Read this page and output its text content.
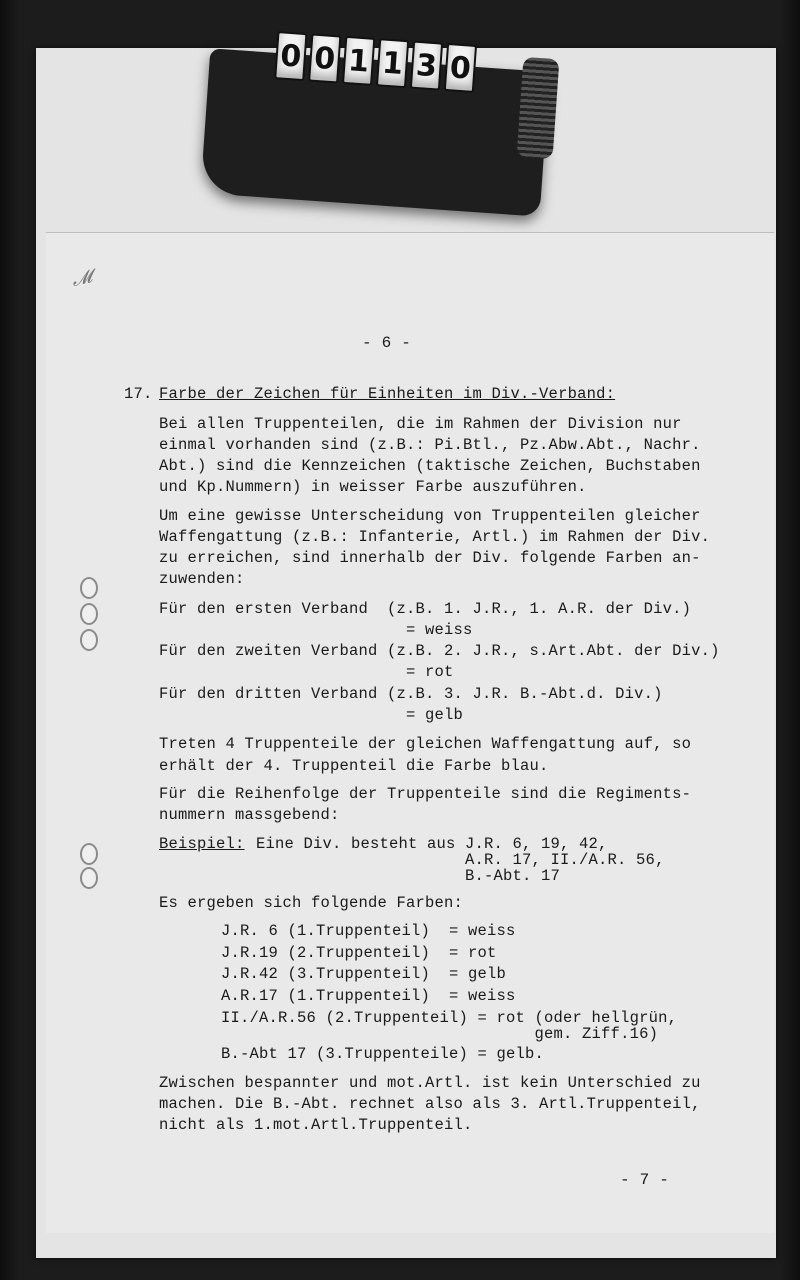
0 0 1 1 3 0
𝓜
- 6 -
17. Farbe der Zeichen für Einheiten im Div.-Verband:
Bei allen Truppenteilen, die im Rahmen der Division nur
einmal vorhanden sind (z.B.: Pi.Btl., Pz.Abw.Abt., Nachr.
Abt.) sind die Kennzeichen (taktische Zeichen, Buchstaben
und Kp.Nummern) in weisser Farbe auszuführen.
Um eine gewisse Unterscheidung von Truppenteilen gleicher
Waffengattung (z.B.: Infanterie, Artl.) im Rahmen der Div.
zu erreichen, sind innerhalb der Div. folgende Farben an-
zuwenden:
Für den ersten Verband  (z.B. 1. J.R., 1. A.R. der Div.)
= weiss
Für den zweiten Verband (z.B. 2. J.R., s.Art.Abt. der Div.)
= rot
Für den dritten Verband (z.B. 3. J.R. B.-Abt.d. Div.)
= gelb
Treten 4 Truppenteile der gleichen Waffengattung auf, so
erhält der 4. Truppenteil die Farbe blau.
Für die Reihenfolge der Truppenteile sind die Regiments-
nummern massgebend:
Beispiel: Eine Div. besteht aus J.R. 6, 19, 42,
A.R. 17, II./A.R. 56,
B.-Abt. 17
Es ergeben sich folgende Farben:
J.R. 6 (1.Truppenteil)  = weiss
J.R.19 (2.Truppenteil)  = rot
J.R.42 (3.Truppenteil)  = gelb
A.R.17 (1.Truppenteil)  = weiss
II./A.R.56 (2.Truppenteil) = rot (oder hellgrün,
gem. Ziff.16)
B.-Abt 17 (3.Truppenteile) = gelb.
Zwischen bespannter und mot.Artl. ist kein Unterschied zu
machen. Die B.-Abt. rechnet also als 3. Artl.Truppenteil,
nicht als 1.mot.Artl.Truppenteil.
- 7 -
